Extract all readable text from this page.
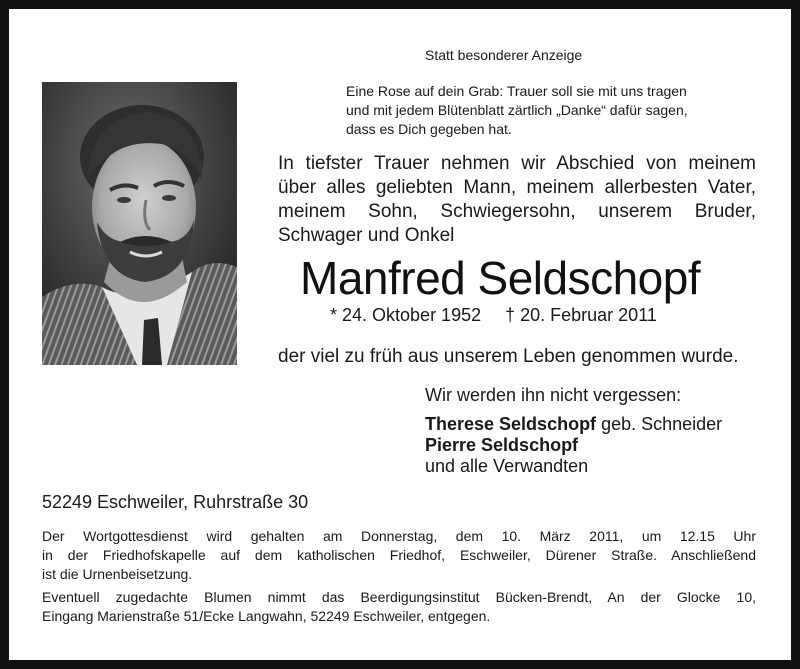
Statt besonderer Anzeige
Eine Rose auf dein Grab: Trauer soll sie mit uns tragen
und mit jedem Blütenblatt zärtlich „Danke“ dafür sagen,
dass es Dich gegeben hat.
In tiefster Trauer nehmen wir Abschied von meinem
über alles geliebten Mann, meinem allerbesten Vater,
meinem Sohn, Schwiegersohn, unserem Bruder,
Schwager und Onkel
Manfred Seldschopf
* 24. Oktober 1952 † 20. Februar 2011
der viel zu früh aus unserem Leben genommen wurde.
Wir werden ihn nicht vergessen:
Therese Seldschopf geb. Schneider
Pierre Seldschopf
und alle Verwandten
52249 Eschweiler, Ruhrstraße 30
Der Wortgottesdienst wird gehalten am Donnerstag, dem 10. März 2011, um 12.15 Uhr
in der Friedhofskapelle auf dem katholischen Friedhof, Eschweiler, Dürener Straße. Anschließend
ist die Urnenbeisetzung.
Eventuell zugedachte Blumen nimmt das Beerdigungsinstitut Bücken-Brendt, An der Glocke 10,
Eingang Marienstraße 51/Ecke Langwahn, 52249 Eschweiler, entgegen.
